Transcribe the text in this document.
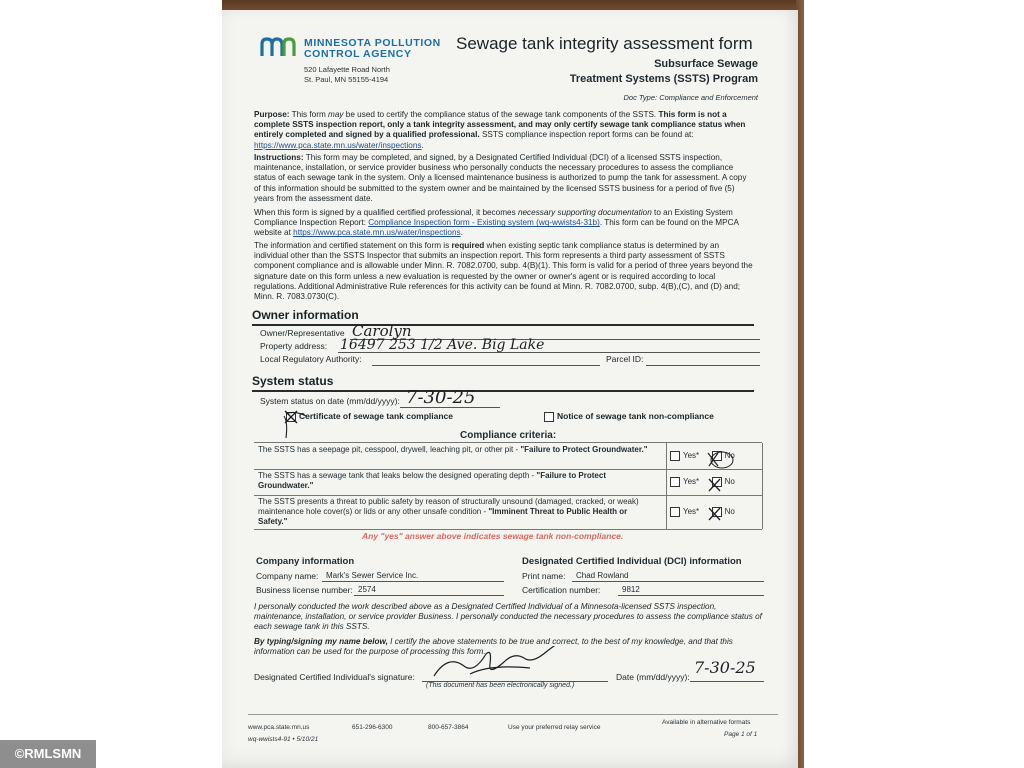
MINNESOTA POLLUTION
CONTROL AGENCY
520 Lafayette Road North
St. Paul, MN 55155-4194
Sewage tank integrity assessment form
Subsurface Sewage
Treatment Systems (SSTS) Program
Doc Type: Compliance and Enforcement
Purpose: This form may be used to certify the compliance status of the sewage tank components of the SSTS. This form is not a complete SSTS inspection report, only a tank integrity assessment, and may only certify sewage tank compliance status when entirely completed and signed by a qualified professional. SSTS compliance inspection report forms can be found at: https://www.pca.state.mn.us/water/inspections.
Instructions: This form may be completed, and signed, by a Designated Certified Individual (DCI) of a licensed SSTS inspection, maintenance, installation, or service provider business who personally conducts the necessary procedures to assess the compliance status of each sewage tank in the system. Only a licensed maintenance business is authorized to pump the tank for assessment. A copy of this information should be submitted to the system owner and be maintained by the licensed SSTS business for a period of five (5) years from the assessment date.
When this form is signed by a qualified certified professional, it becomes necessary supporting documentation to an Existing System Compliance Inspection Report: Compliance Inspection form - Existing system (wq-wwists4-31b). This form can be found on the MPCA website at https://www.pca.state.mn.us/water/inspections.
The information and certified statement on this form is required when existing septic tank compliance status is determined by an individual other than the SSTS Inspector that submits an inspection report. This form represents a third party assessment of SSTS component compliance and is allowable under Minn. R. 7082.0700, subp. 4(B)(1). This form is valid for a period of three years beyond the signature date on this form unless a new evaluation is requested by the owner or owner's agent or is required according to local regulations. Additional Administrative Rule references for this activity can be found at Minn. R. 7082.0700, subp. 4(B),(C), and (D) and; Minn. R. 7083.0730(C).
Owner information
Owner/Representative Carolyn
Property address: 16497 253 1/2 Ave. Big Lake
Local Regulatory Authority:	Parcel ID:
System status
System status on date (mm/dd/yyyy): 7-30-25
Certificate of sewage tank compliance	Notice of sewage tank non-compliance
Compliance criteria:
The SSTS has a seepage pit, cesspool, drywell, leaching pit, or other pit - "Failure to Protect Groundwater."
Yes*	No
The SSTS has a sewage tank that leaks below the designed operating depth - "Failure to Protect Groundwater."	Yes*	No
The SSTS presents a threat to public safety by reason of structurally unsound (damaged, cracked, or weak) maintenance hole cover(s) or lids or any other unsafe condition - "Imminent Threat to Public Health or Safety."
Yes*	No
Any "yes" answer above indicates sewage tank non-compliance.
Company information
Company name: Mark's Sewer Service Inc.
Business license number: 2574
Designated Certified Individual (DCI) information
Print name: Chad Rowland
Certification number:	9812
I personally conducted the work described above as a Designated Certified Individual of a Minnesota-licensed SSTS inspection, maintenance, installation, or service provider Business. I personally conducted the necessary procedures to assess the compliance status of each sewage tank in this SSTS.
By typing/signing my name below, I certify the above statements to be true and correct, to the best of my knowledge, and that this information can be used for the purpose of processing this form.
Designated Certified Individual's signature:
(This document has been electronically signed.)
Date (mm/dd/yyyy): 7-30-25
www.pca.state.mn.us	651-296-6300	800-657-3864	Use your preferred relay service
Available in alternative formats
wq-wwists4-91 • 5/10/21
Page 1 of 1
©RMLSMN
